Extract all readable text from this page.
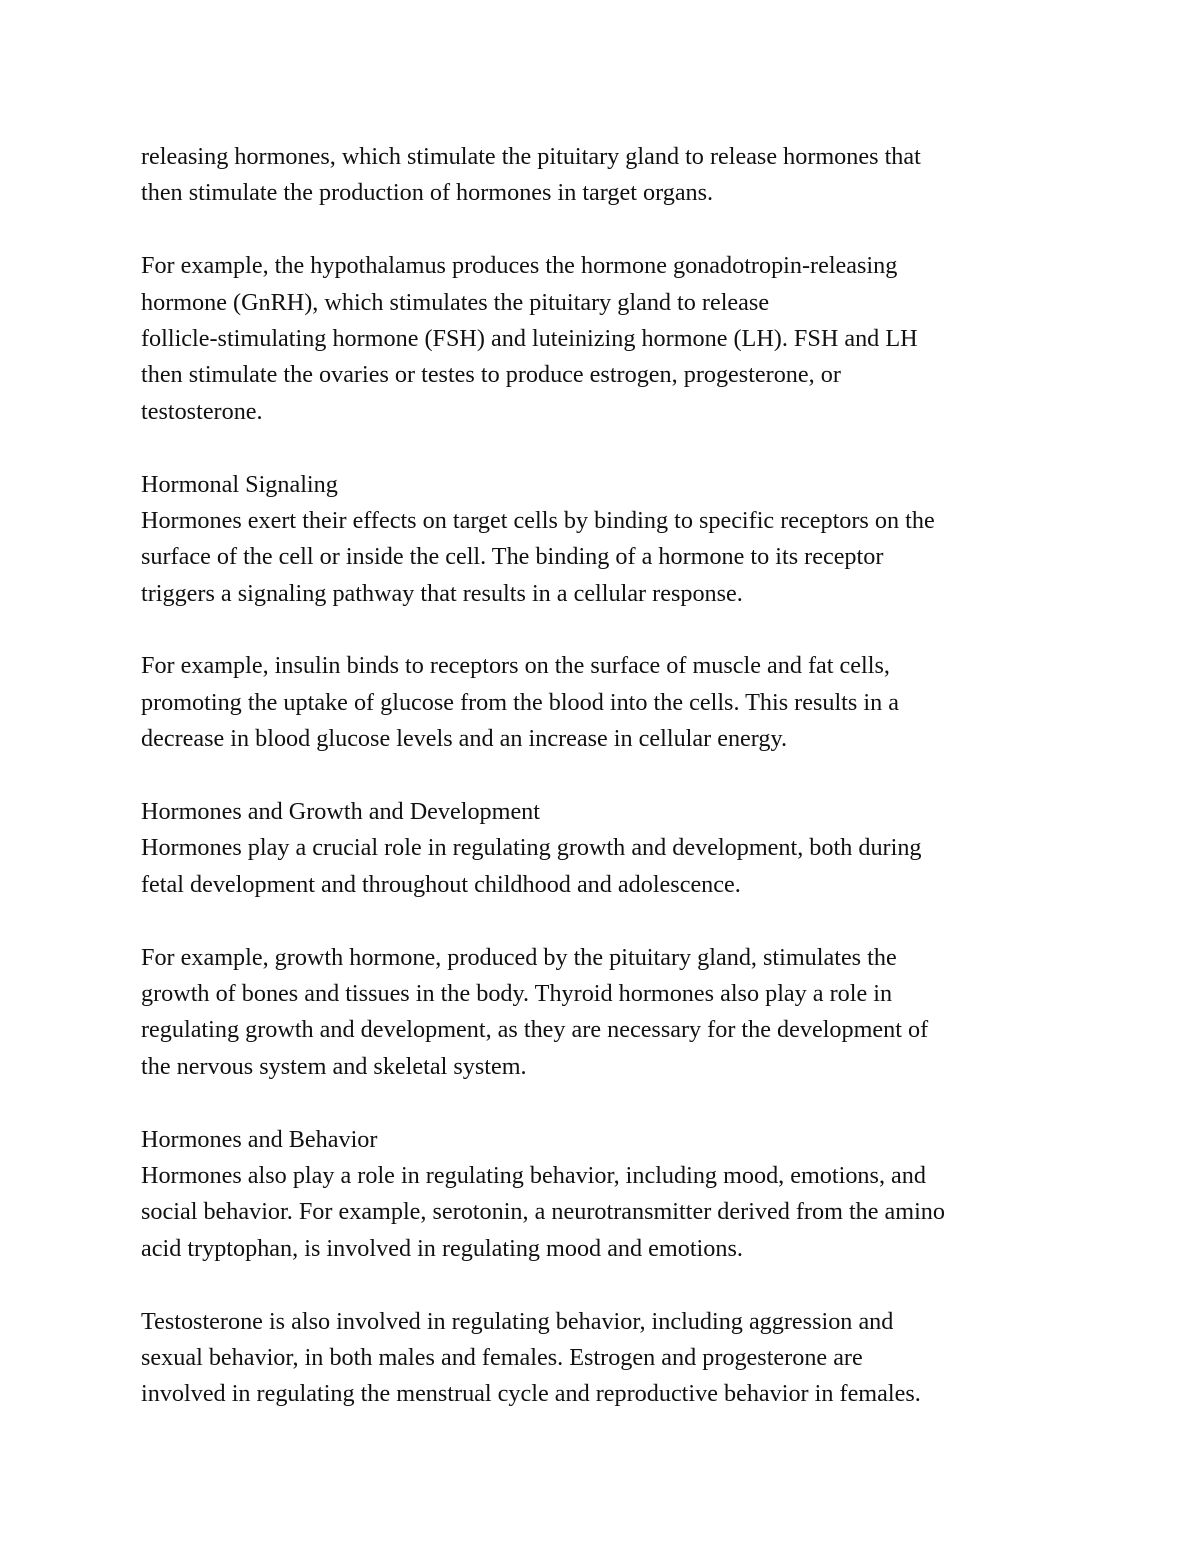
releasing hormones, which stimulate the pituitary gland to release hormones that
then stimulate the production of hormones in target organs.
For example, the hypothalamus produces the hormone gonadotropin-releasing
hormone (GnRH), which stimulates the pituitary gland to release
follicle-stimulating hormone (FSH) and luteinizing hormone (LH). FSH and LH
then stimulate the ovaries or testes to produce estrogen, progesterone, or
testosterone.
Hormonal Signaling
Hormones exert their effects on target cells by binding to specific receptors on the
surface of the cell or inside the cell. The binding of a hormone to its receptor
triggers a signaling pathway that results in a cellular response.
For example, insulin binds to receptors on the surface of muscle and fat cells,
promoting the uptake of glucose from the blood into the cells. This results in a
decrease in blood glucose levels and an increase in cellular energy.
Hormones and Growth and Development
Hormones play a crucial role in regulating growth and development, both during
fetal development and throughout childhood and adolescence.
For example, growth hormone, produced by the pituitary gland, stimulates the
growth of bones and tissues in the body. Thyroid hormones also play a role in
regulating growth and development, as they are necessary for the development of
the nervous system and skeletal system.
Hormones and Behavior
Hormones also play a role in regulating behavior, including mood, emotions, and
social behavior. For example, serotonin, a neurotransmitter derived from the amino
acid tryptophan, is involved in regulating mood and emotions.
Testosterone is also involved in regulating behavior, including aggression and
sexual behavior, in both males and females. Estrogen and progesterone are
involved in regulating the menstrual cycle and reproductive behavior in females.
